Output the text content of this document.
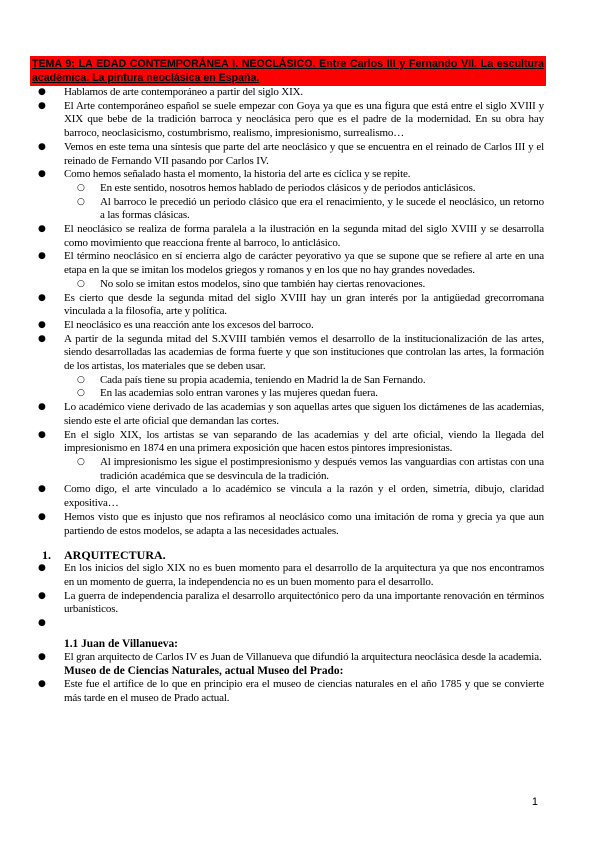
TEMA 9: LA EDAD CONTEMPORÁNEA I. NEOCLÁSICO. Entre Carlos III y Fernando VII. La escultura académica. La pintura neoclásica en España.
● Hablamos de arte contemporáneo a partir del siglo XIX.
● El Arte contemporáneo español se suele empezar con Goya ya que es una figura que está entre el siglo XVIII y XIX que bebe de la tradición barroca y neoclásica pero que es el padre de la modernidad. En su obra hay barroco, neoclasicismo, costumbrismo, realismo, impresionismo, surrealismo…
● Vemos en este tema una síntesis que parte del arte neoclásico y que se encuentra en el reinado de Carlos III y el reinado de Fernando VII pasando por Carlos IV.
● Como hemos señalado hasta el momento, la historia del arte es cíclica y se repite.
○ En este sentido, nosotros hemos hablado de periodos clásicos y de periodos anticlásicos.
○ Al barroco le precedió un periodo clásico que era el renacimiento, y le sucede el neoclásico, un retorno a las formas clásicas.
● El neoclásico se realiza de forma paralela a la ilustración en la segunda mitad del siglo XVIII y se desarrolla como movimiento que reacciona frente al barroco, lo anticlásico.
● El término neoclásico en sí encierra algo de carácter peyorativo ya que se supone que se refiere al arte en una etapa en la que se imitan los modelos griegos y romanos y en los que no hay grandes novedades.
○ No solo se imitan estos modelos, sino que también hay ciertas renovaciones.
● Es cierto que desde la segunda mitad del siglo XVIII hay un gran interés por la antigüedad grecorromana vinculada a la filosofía, arte y política.
● El neoclásico es una reacción ante los excesos del barroco.
● A partir de la segunda mitad del S.XVIII también vemos el desarrollo de la institucionalización de las artes, siendo desarrolladas las academias de forma fuerte y que son instituciones que controlan las artes, la formación de los artistas, los materiales que se deben usar.
○ Cada país tiene su propia academia, teniendo en Madrid la de San Fernando.
○ En las academias solo entran varones y las mujeres quedan fuera.
● Lo académico viene derivado de las academias y son aquellas artes que siguen los dictámenes de las academias, siendo este el arte oficial que demandan las cortes.
● En el siglo XIX, los artistas se van separando de las academias y del arte oficial, viendo la llegada del impresionismo en 1874 en una primera exposición que hacen estos pintores impresionistas.
○ Al impresionismo les sigue el postimpresionismo y después vemos las vanguardias con artistas con una tradición académica que se desvincula de la tradición.
● Como digo, el arte vinculado a lo académico se vincula a la razón y el orden, simetría, dibujo, claridad expositiva…
● Hemos visto que es injusto que nos refiramos al neoclásico como una imitación de roma y grecia ya que aun partiendo de estos modelos, se adapta a las necesidades actuales.
1. ARQUITECTURA.
● En los inicios del siglo XIX no es buen momento para el desarrollo de la arquitectura ya que nos encontramos en un momento de guerra, la independencia no es un buen momento para el desarrollo.
● La guerra de independencia paraliza el desarrollo arquitectónico pero da una importante renovación en términos urbanísticos.
●
1.1 Juan de Villanueva:
● El gran arquitecto de Carlos IV es Juan de Villanueva que difundió la arquitectura neoclásica desde la academia.
Museo de de Ciencias Naturales, actual Museo del Prado:
● Este fue el artífice de lo que en principio era el museo de ciencias naturales en el año 1785 y que se convierte más tarde en el museo de Prado actual.
1
